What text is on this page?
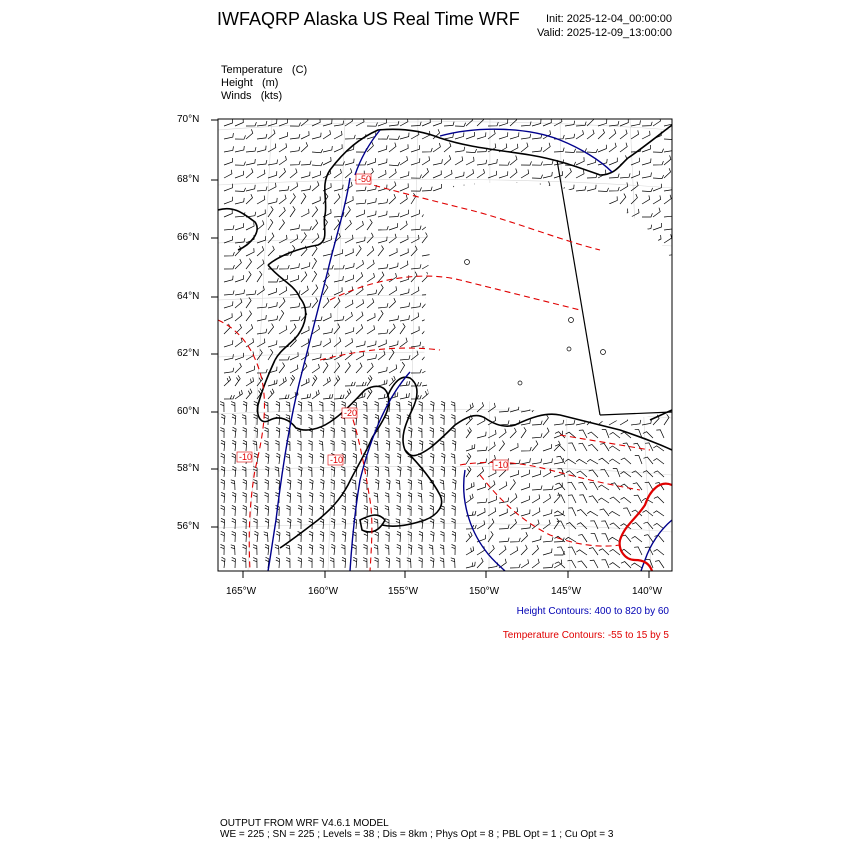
IWFAQRP Alaska US Real Time WRF Init: 2025-12-04_00:00:00
Valid: 2025-12-09_13:00:00
Temperature   (C)
Height   (m)
Winds   (kts)
70°N
68°N
66°N
64°N
62°N
60°N
58°N
56°N
165°W	160°W	155°W	150°W	145°W	140°W
-50
-20
-10
-10	-10
Height Contours: 400 to 820 by 60
Temperature Contours: -55 to 15 by 5
OUTPUT FROM WRF V4.6.1 MODEL
WE = 225 ; SN = 225 ; Levels = 38 ; Dis = 8km ; Phys Opt = 8 ; PBL Opt = 1 ; Cu Opt = 3
